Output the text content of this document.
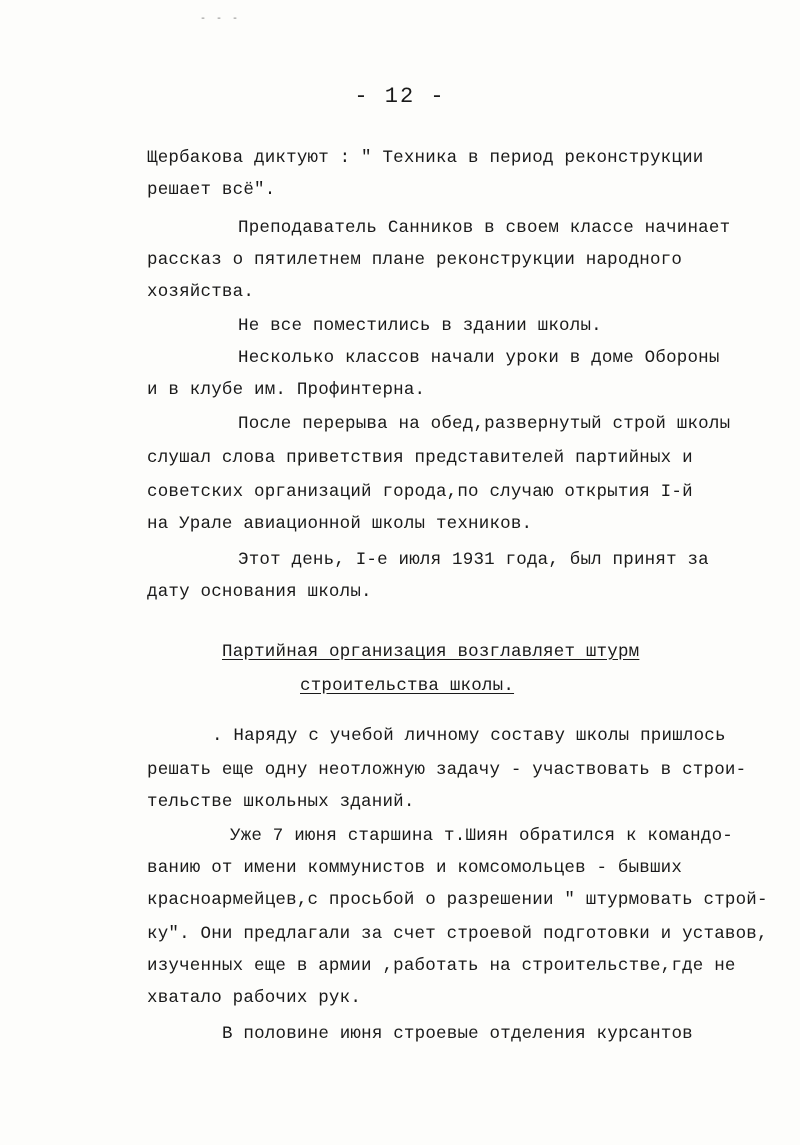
- - -
- 12 -
Щербакова диктуют : " Техника в период реконструкции
решает всё".
Преподаватель Санников в своем классе начинает
рассказ о пятилетнем плане реконструкции народного
хозяйства.
Не все поместились в здании школы.
Несколько классов начали уроки в доме Обороны
и в клубе им. Профинтерна.
После перерыва на обед,развернутый строй школы
слушал слова приветствия представителей партийных и
советских организаций города,по случаю открытия I-й
на Урале авиационной школы техников.
Этот день, I-е июля 1931 года, был принят за
дату основания школы.
Партийная организация возглавляет штурм
строительства школы.
. Наряду с учебой личному составу школы пришлось
решать еще одну неотложную задачу - участвовать в строи-
тельстве школьных зданий.
Уже 7 июня старшина т.Шиян обратился к командо-
ванию от имени коммунистов и комсомольцев - бывших
красноармейцев,с просьбой о разрешении " штурмовать строй-
ку". Они предлагали за счет строевой подготовки и уставов,
изученных еще в армии ,работать на строительстве,где не
хватало рабочих рук.
В половине июня строевые отделения курсантов
